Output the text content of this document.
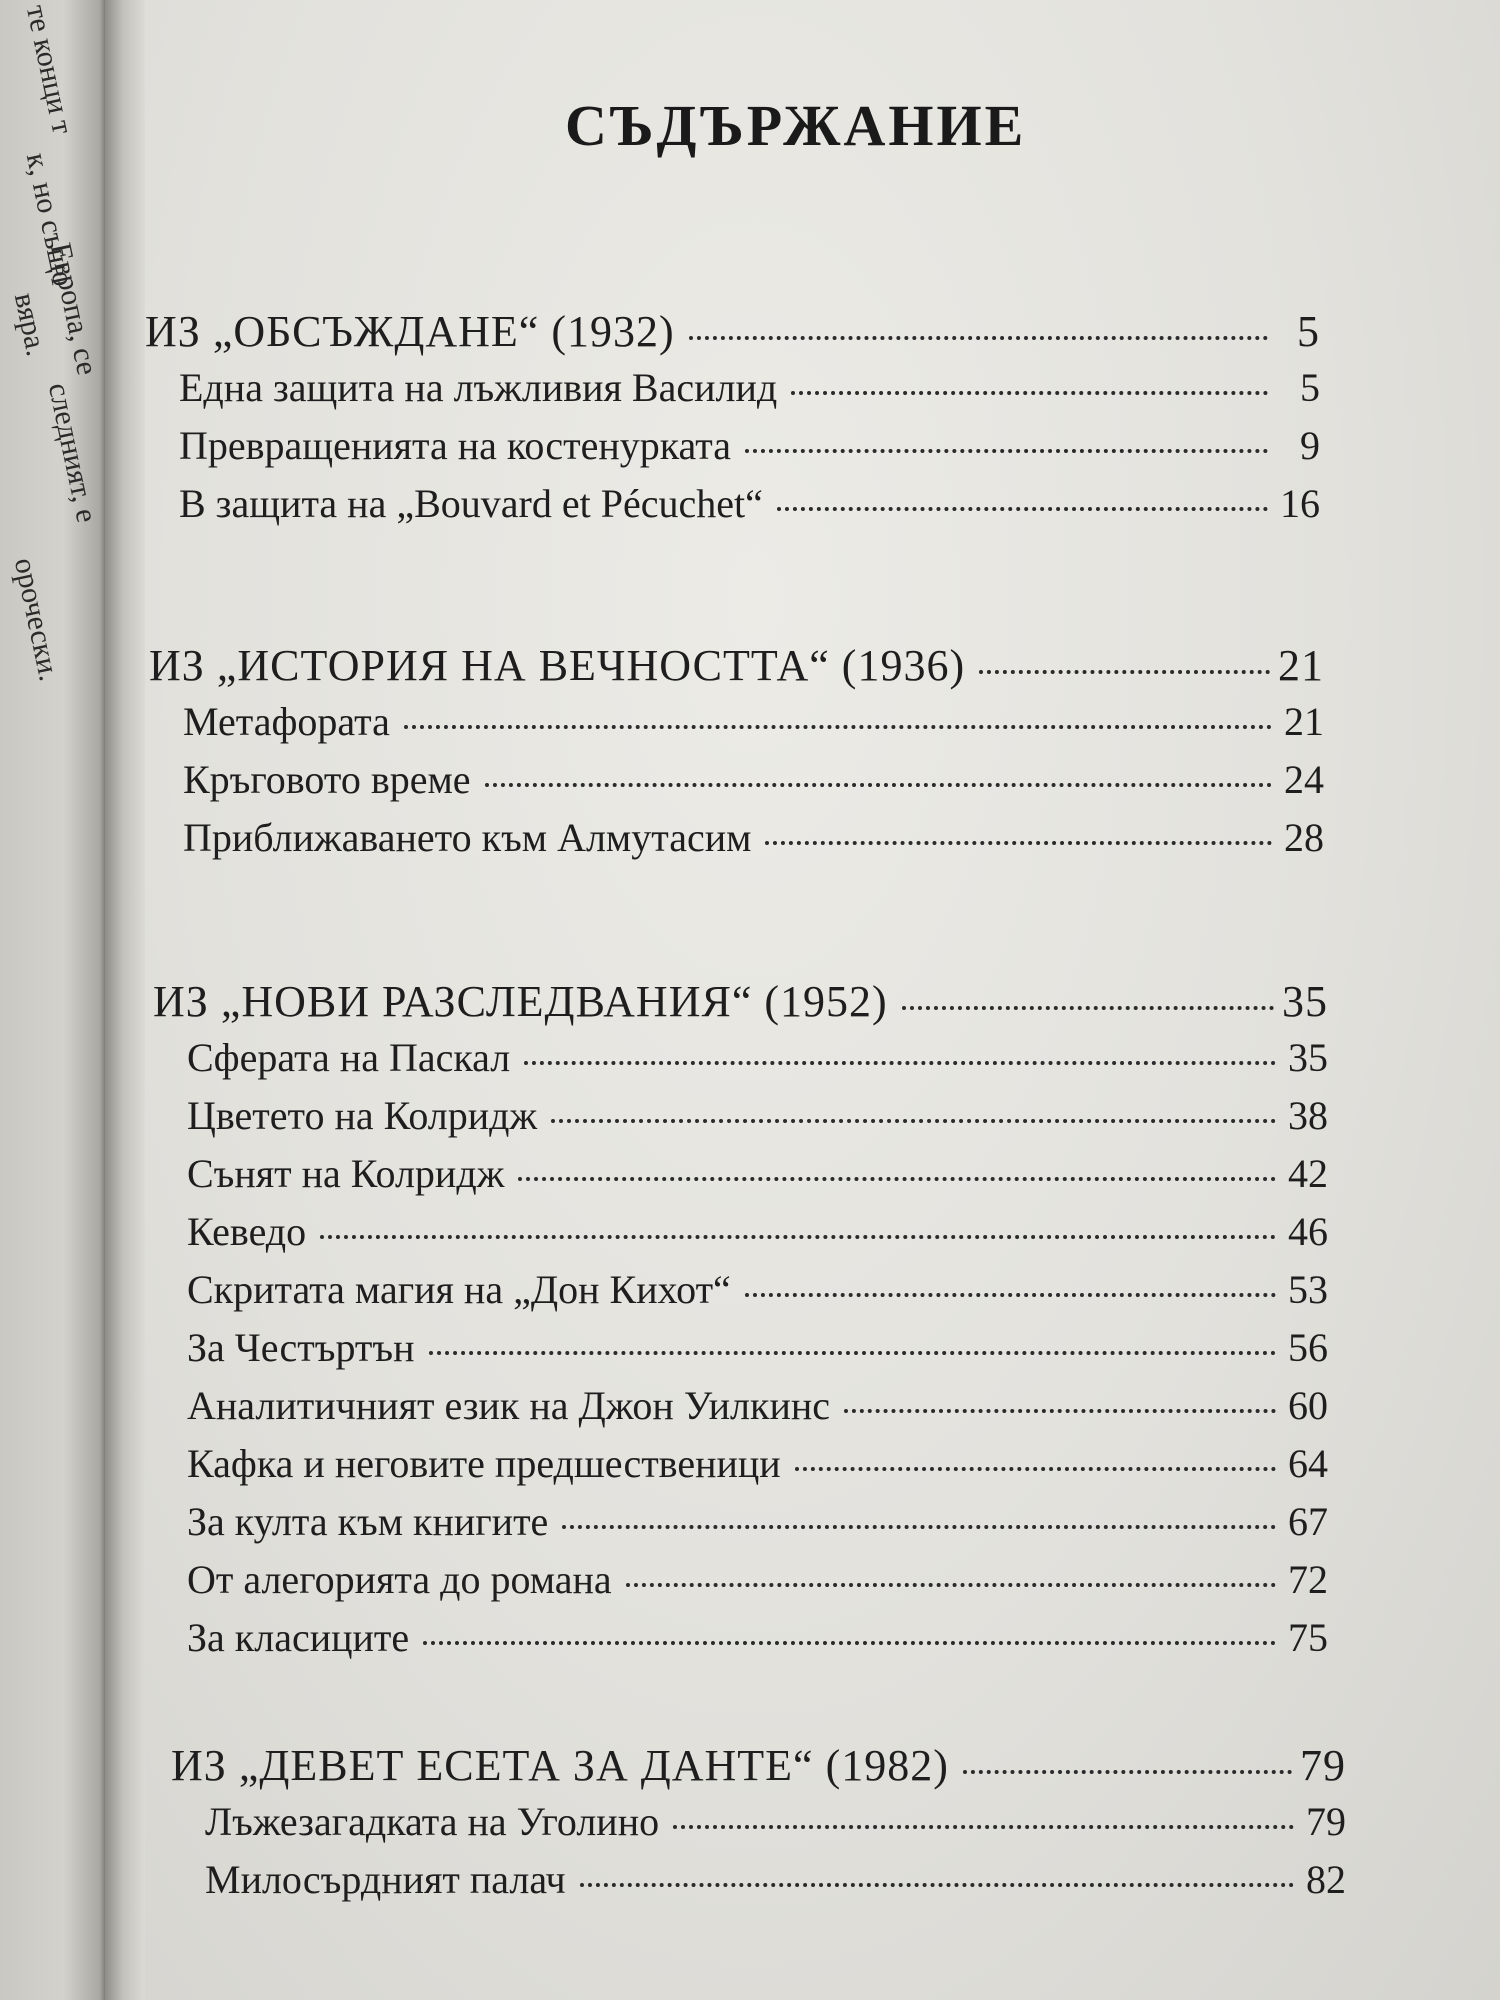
те конци т
к, но също
Европа, се
вяра.
следният, е
орочески.
СЪДЪРЖАНИЕ
ИЗ „ОБСЪЖДАНЕ“ (1932)	5
Една защита на лъжливия Василид	5
Превращенията на костенурката	9
В защита на „Bouvard et Pécuchet“	16
ИЗ „ИСТОРИЯ НА ВЕЧНОСТТА“ (1936)	21
Метафората	21
Кръговото време	24
Приближаването към Алмутасим	28
ИЗ „НОВИ РАЗСЛЕДВАНИЯ“ (1952)	35
Сферата на Паскал	35
Цветето на Колридж	38
Сънят на Колридж	42
Кеведо	46
Скритата магия на „Дон Кихот“	53
За Честъртън	56
Аналитичният език на Джон Уилкинс	60
Кафка и неговите предшественици	64
За култа към книгите	67
От алегорията до романа	72
За класиците	75
ИЗ „ДЕВЕТ ЕСЕТА ЗА ДАНТЕ“ (1982)	79
Лъжезагадката на Уголино	79
Милосърдният палач	82
